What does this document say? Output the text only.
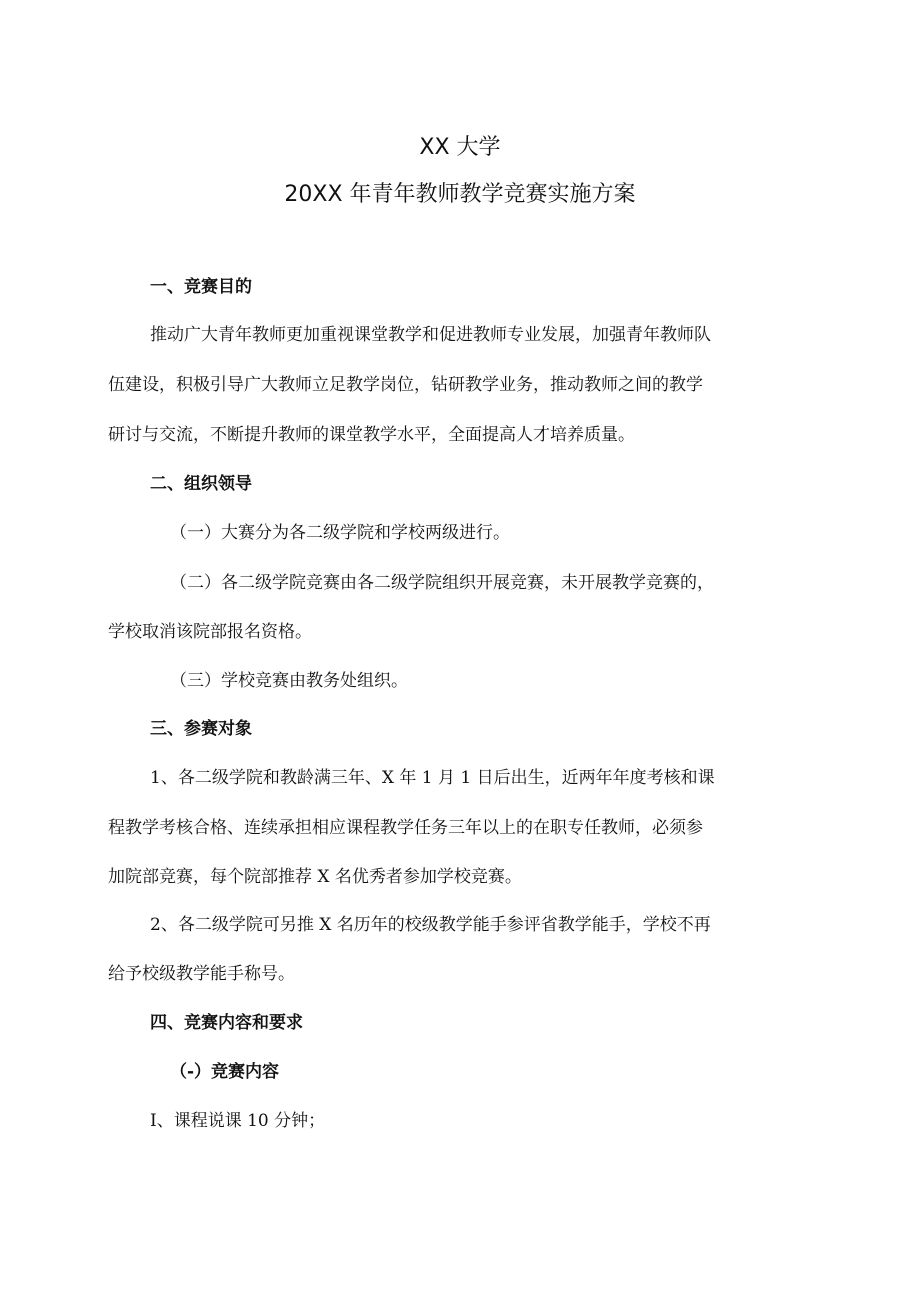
XX 大学
20XX 年青年教师教学竞赛实施方案
一、竞赛目的
推动广大青年教师更加重视课堂教学和促进教师专业发展，加强青年教师队
伍建设，积极引导广大教师立足教学岗位，钻研教学业务，推动教师之间的教学
研讨与交流，不断提升教师的课堂教学水平，全面提高人才培养质量。
二、组织领导
（一）大赛分为各二级学院和学校两级进行。
（二）各二级学院竞赛由各二级学院组织开展竞赛，未开展教学竞赛的，
学校取消该院部报名资格。
（三）学校竞赛由教务处组织。
三、参赛对象
1、各二级学院和教龄满三年、X 年 1 月 1 日后出生，近两年年度考核和课
程教学考核合格、连续承担相应课程教学任务三年以上的在职专任教师，必须参
加院部竞赛，每个院部推荐 X 名优秀者参加学校竞赛。
2、各二级学院可另推 X 名历年的校级教学能手参评省教学能手，学校不再
给予校级教学能手称号。
四、竞赛内容和要求
（-）竞赛内容
I、课程说课 10 分钟；
